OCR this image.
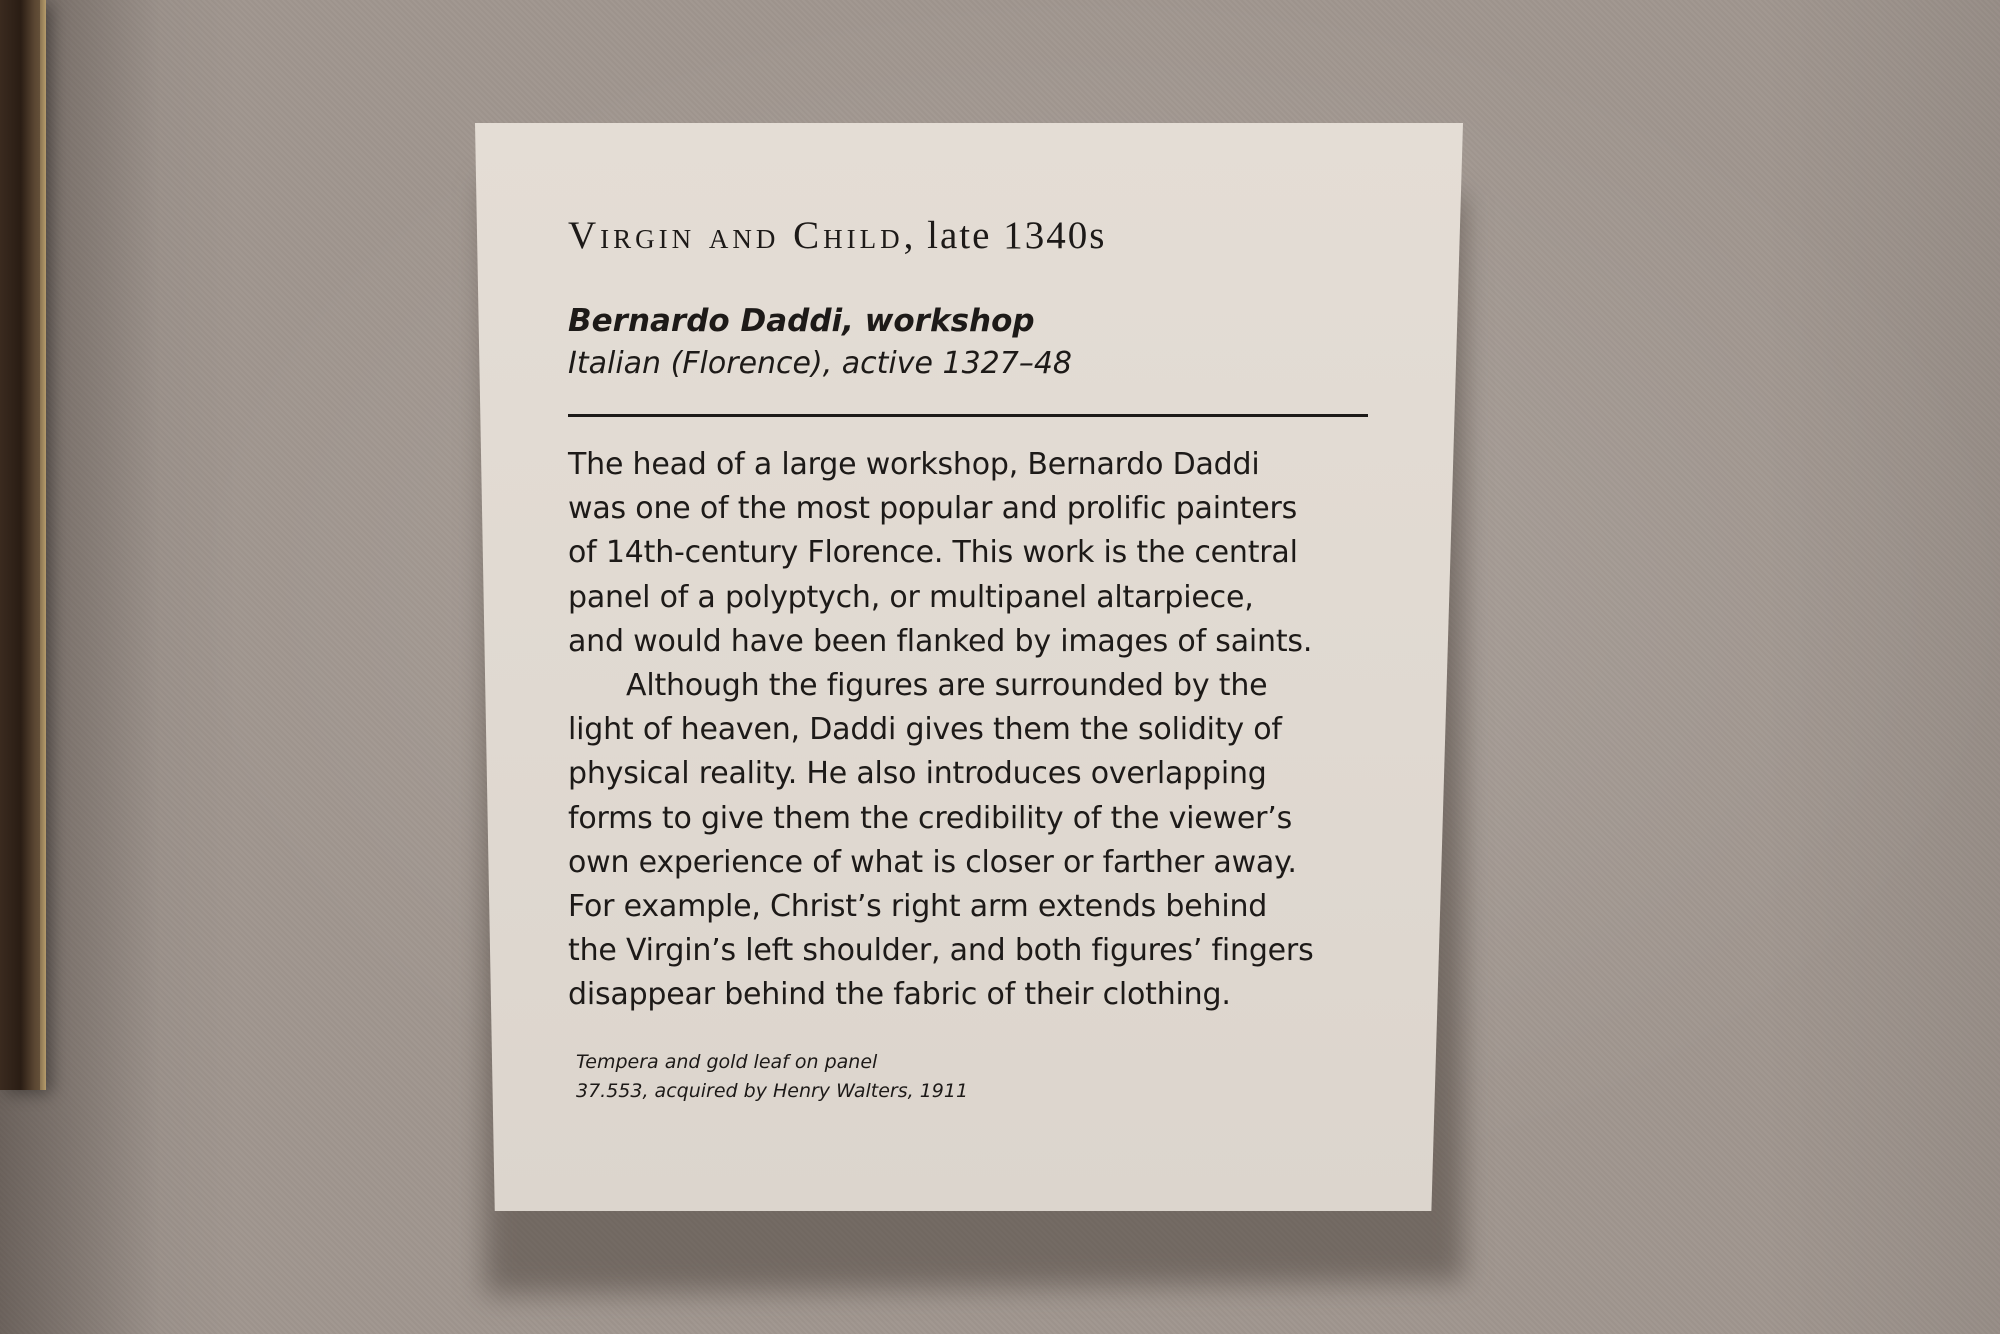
Virgin and Child, late 1340s
Bernardo Daddi, workshop
Italian (Florence), active 1327–48
The head of a large workshop, Bernardo Daddi
was one of the most popular and prolific painters
of 14th-century Florence. This work is the central
panel of a polyptych, or multipanel altarpiece,
and would have been flanked by images of saints.
Although the figures are surrounded by the
light of heaven, Daddi gives them the solidity of
physical reality. He also introduces overlapping
forms to give them the credibility of the viewer’s
own experience of what is closer or farther away.
For example, Christ’s right arm extends behind
the Virgin’s left shoulder, and both figures’ fingers
disappear behind the fabric of their clothing.
Tempera and gold leaf on panel
37.553, acquired by Henry Walters, 1911
